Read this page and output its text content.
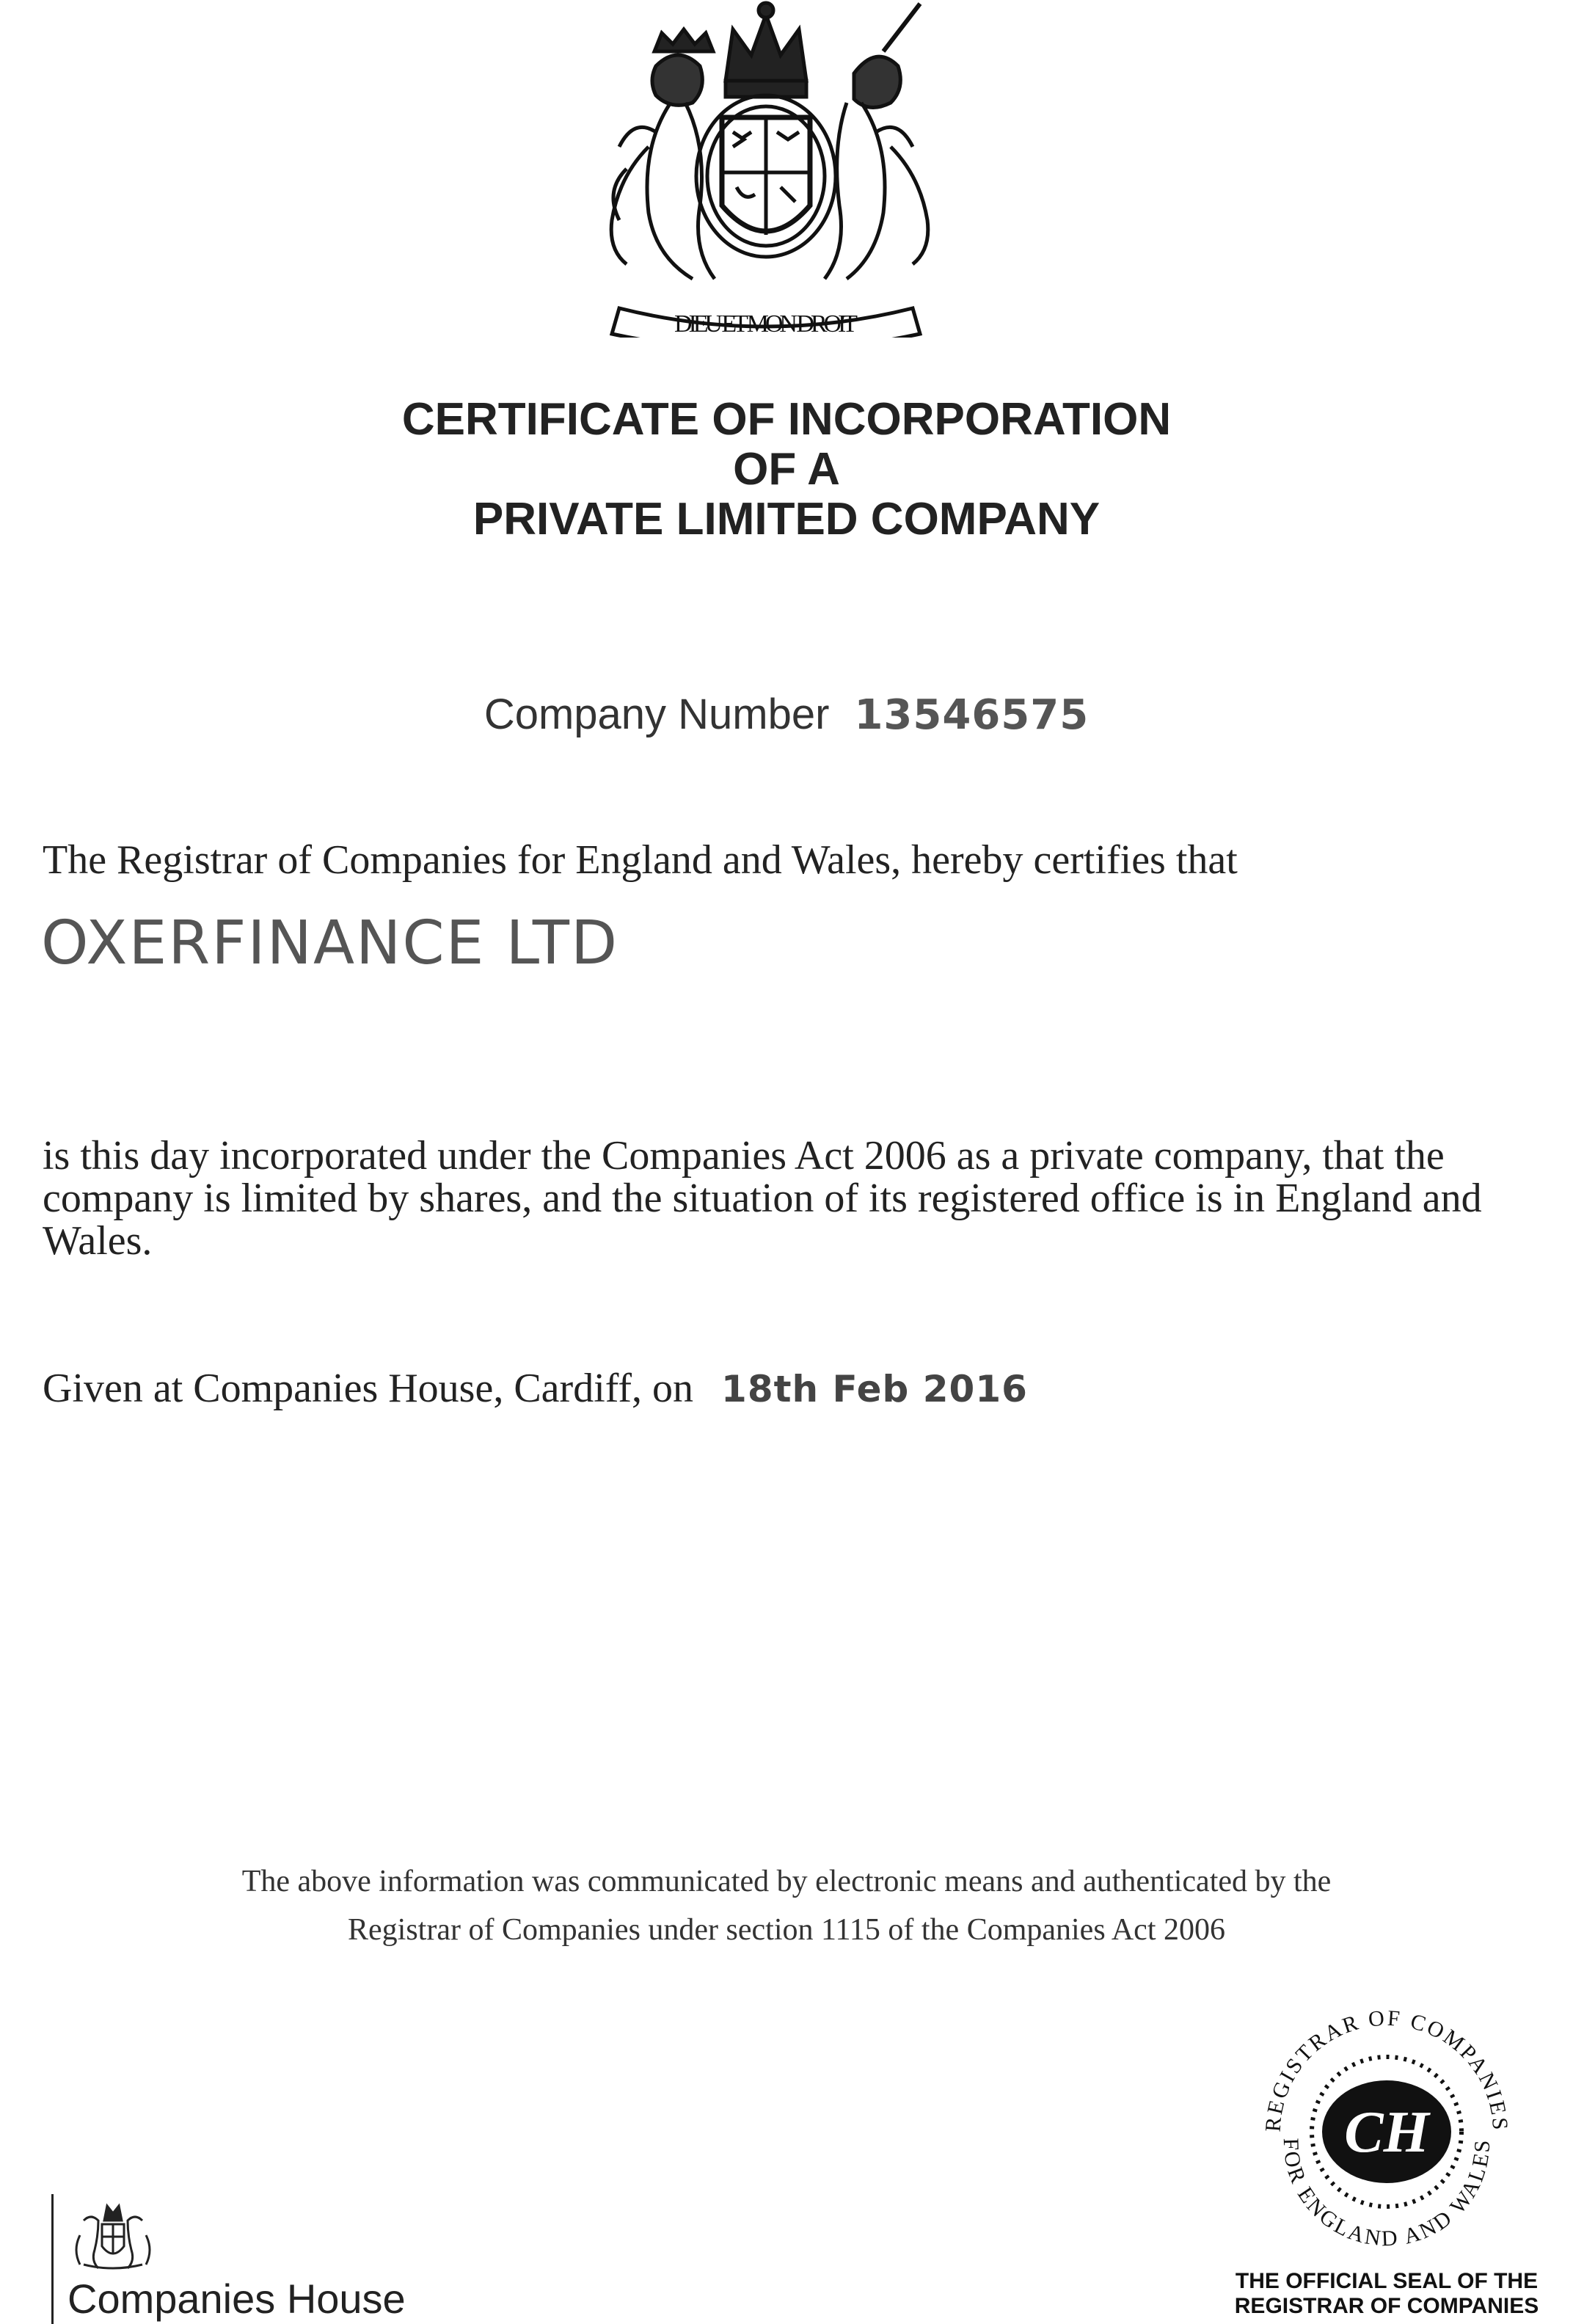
DIEU ET MON DROIT
CERTIFICATE OF INCORPORATION
OF A
PRIVATE LIMITED COMPANY
Company Number 13546575
The Registrar of Companies for England and Wales, hereby certifies that
OXERFINANCE LTD
is this day incorporated under the Companies Act 2006 as a private company, that the company is limited by shares, and the situation of its registered office is in England and Wales.
Given at Companies House, Cardiff, on 18th Feb 2016
The above information was communicated by electronic means and authenticated by the
Registrar of Companies under section 1115 of the Companies Act 2006
REGISTRAR OF COMPANIES
FOR ENGLAND AND WALES
CH
THE OFFICIAL SEAL OF THE
REGISTRAR OF COMPANIES
Companies House
